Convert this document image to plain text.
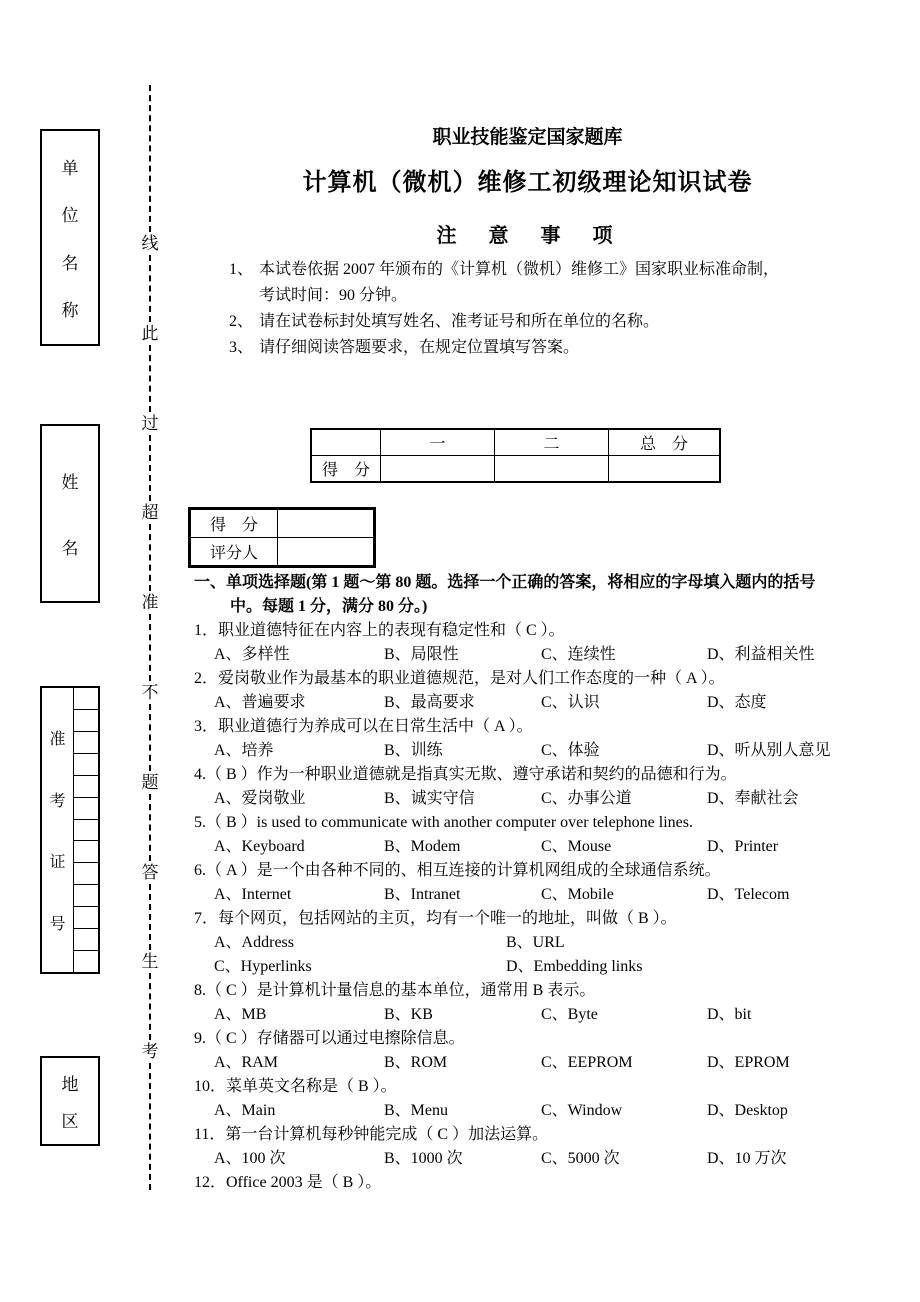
单
位
名
称
姓
名
准
考
证
号
地
区
线
此
过
超
准
不
题
答
生
考
职业技能鉴定国家题库
计算机（微机）维修工初级理论知识试卷
注　意　事　项
1、 本试卷依据 2007 年颁布的《计算机（微机）维修工》国家职业标准命制，
考试时间：90 分钟。
2、 请在试卷标封处填写姓名、准考证号和所在单位的名称。
3、 请仔细阅读答题要求，在规定位置填写答案。
	一	二	总　分
得　分			
得　分	
评分人	
一、单项选择题(第 1 题～第 80 题。选择一个正确的答案，将相应的字母填入题内的括号
中。每题 1 分，满分 80 分。)
1．职业道德特征在内容上的表现有稳定性和（ C ）。
A、多样性	B、局限性	C、连续性	D、利益相关性
2．爱岗敬业作为最基本的职业道德规范，是对人们工作态度的一种（ A ）。
A、普遍要求	B、最高要求	C、认识	D、态度
3．职业道德行为养成可以在日常生活中（ A ）。
A、培养	B、训练	C、体验	D、听从别人意见
4.（ B ）作为一种职业道德就是指真实无欺、遵守承诺和契约的品德和行为。
A、爱岗敬业	B、诚实守信	C、办事公道	D、奉献社会
5.（ B ）is used to communicate with another computer over telephone lines.
A、Keyboard	B、Modem	C、Mouse	D、Printer
6.（ A ）是一个由各种不同的、相互连接的计算机网组成的全球通信系统。
A、Internet	B、Intranet	C、Mobile	D、Telecom
7．每个网页，包括网站的主页，均有一个唯一的地址，叫做（ B ）。
A、Address	B、URL
C、Hyperlinks	D、Embedding links
8.（ C ）是计算机计量信息的基本单位，通常用 B 表示。
A、MB	B、KB	C、Byte	D、bit
9.（ C ）存储器可以通过电擦除信息。
A、RAM	B、ROM	C、EEPROM	D、EPROM
10．菜单英文名称是（ B ）。
A、Main	B、Menu	C、Window	D、Desktop
11．第一台计算机每秒钟能完成（ C ）加法运算。
A、100 次	B、1000 次	C、5000 次	D、10 万次
12．Office 2003 是（ B ）。
